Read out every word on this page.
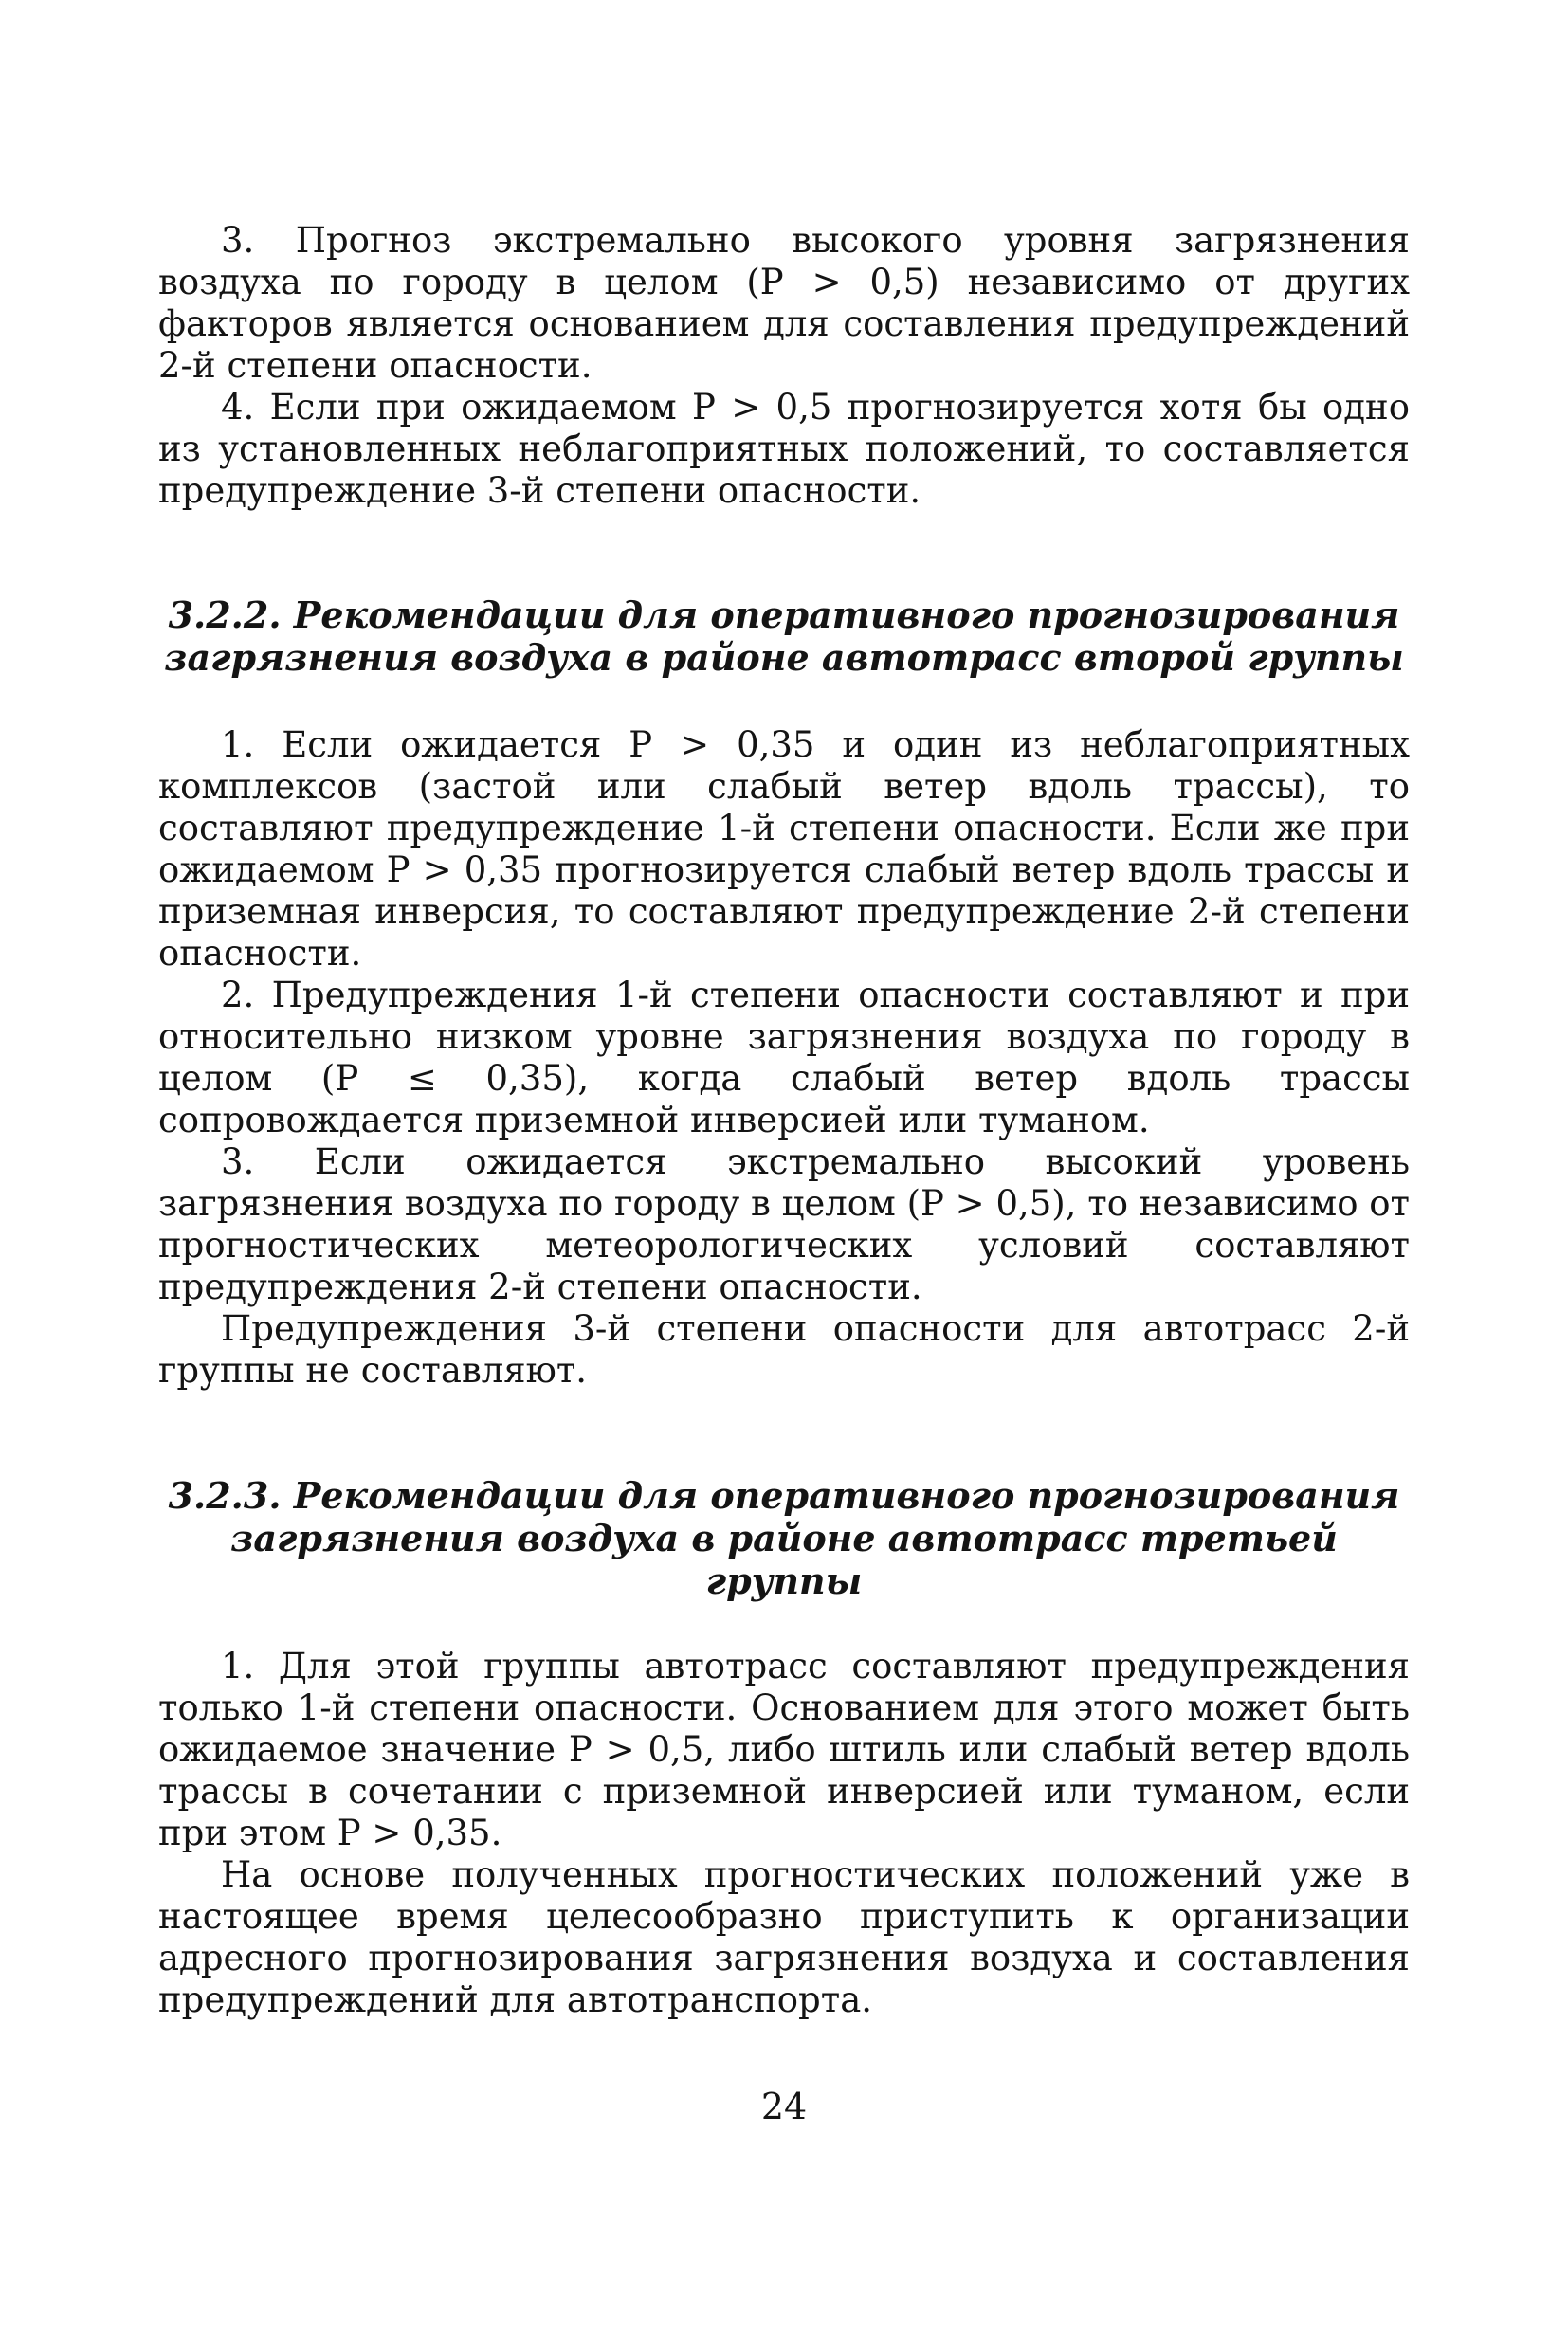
3. Прогноз экстремально высокого уровня загрязнения воздуха по городу в целом (P > 0,5) независимо от других факторов является основанием для составления предупреждений 2-й степени опасности.

4. Если при ожидаемом P > 0,5 прогнозируется хотя бы одно из установленных неблагоприятных положений, то составляется предупреждение 3-й степени опасности.

3.2.2. Рекомендации для оперативного прогнозирования
загрязнения воздуха в районе автотрасс второй группы

1. Если ожидается P > 0,35 и один из неблагоприятных комплексов (застой или слабый ветер вдоль трассы), то составляют предупреждение 1-й степени опасности. Если же при ожидаемом P > 0,35 прогнозируется слабый ветер вдоль трассы и приземная инверсия, то составляют предупреждение 2-й степени опасности.

2. Предупреждения 1-й степени опасности составляют и при относительно низком уровне загрязнения воздуха по городу в целом (P ≤ 0,35), когда слабый ветер вдоль трассы сопровождается приземной инверсией или туманом.

3. Если ожидается экстремально высокий уровень загрязнения воздуха по городу в целом (P > 0,5), то независимо от прогностических метеорологических условий составляют предупреждения 2-й степени опасности.

Предупреждения 3-й степени опасности для автотрасс 2-й группы не составляют.

3.2.3. Рекомендации для оперативного прогнозирования
загрязнения воздуха в районе автотрасс третьей группы

1. Для этой группы автотрасс составляют предупреждения только 1-й степени опасности. Основанием для этого может быть ожидаемое значение P > 0,5, либо штиль или слабый ветер вдоль трассы в сочетании с приземной инверсией или туманом, если при этом P > 0,35.

На основе полученных прогностических положений уже в настоящее время целесообразно приступить к организации адресного прогнозирования загрязнения воздуха и составления предупреждений для автотранспорта.

24
